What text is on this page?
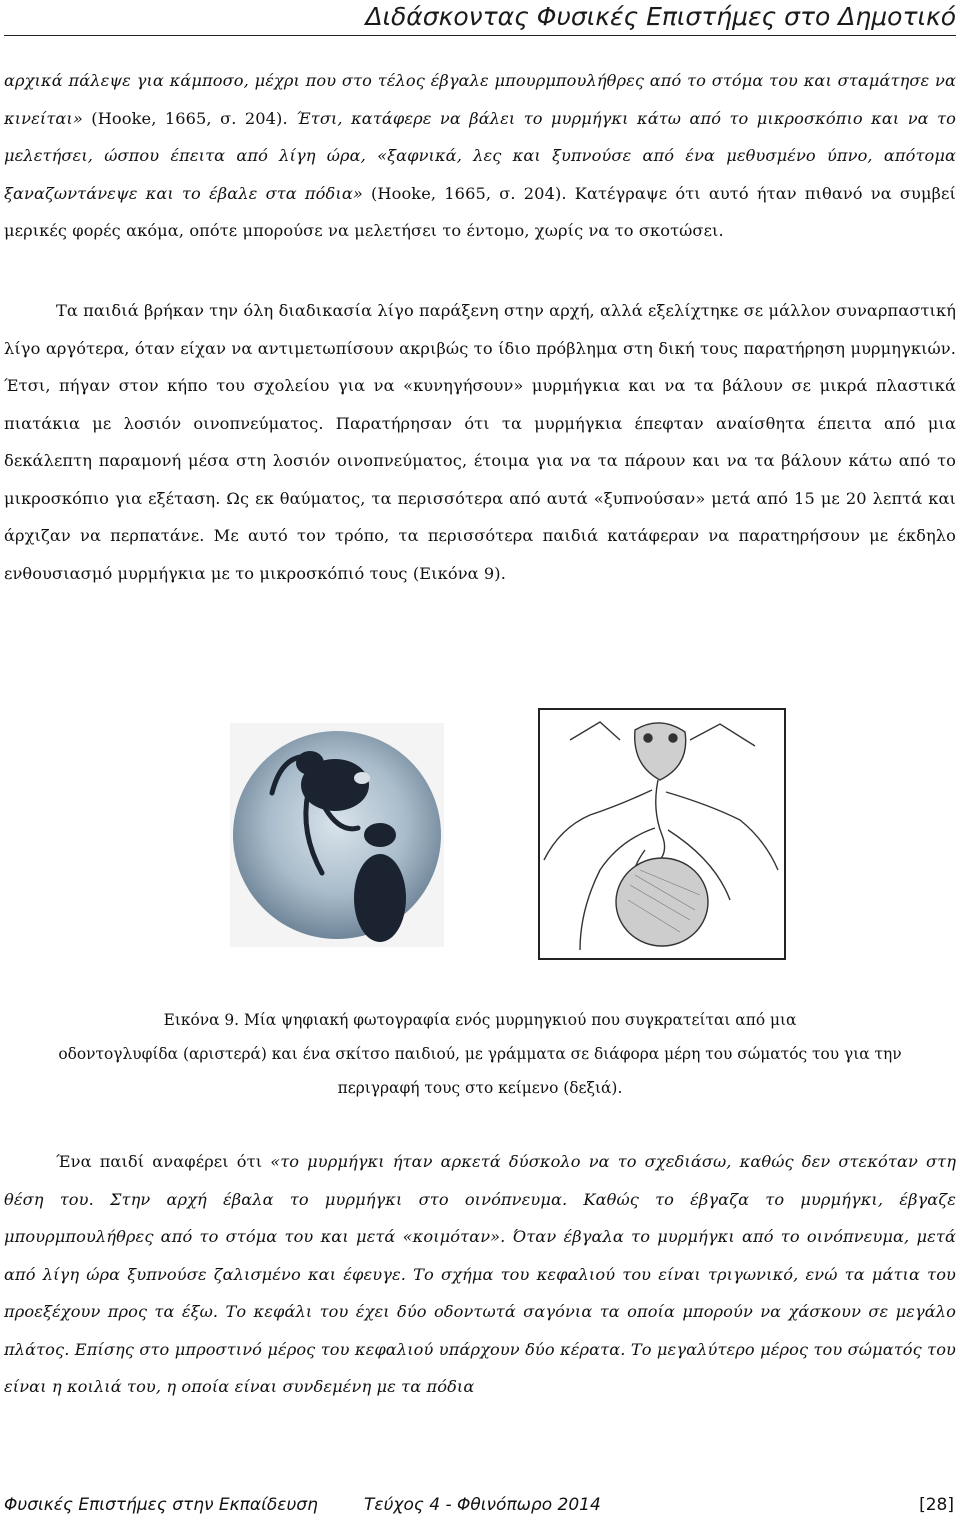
Διδάσκοντας Φυσικές Επιστήμες στο Δημοτικό

αρχικά πάλεψε για κάμποσο, μέχρι που στο τέλος έβγαλε μπουρμπουλήθρες από το στόμα του και σταμάτησε να κινείται» (Hooke, 1665, σ. 204). Έτσι, κατάφερε να βάλει το μυρμήγκι κάτω από το μικροσκόπιο και να το μελετήσει, ώσπου έπειτα από λίγη ώρα, «ξαφνικά, λες και ξυπνούσε από ένα μεθυσμένο ύπνο, απότομα ξαναζωντάνεψε και το έβαλε στα πόδια» (Hooke, 1665, σ. 204). Κατέγραψε ότι αυτό ήταν πιθανό να συμβεί μερικές φορές ακόμα, οπότε μπορούσε να μελετήσει το έντομο, χωρίς να το σκοτώσει.

Τα παιδιά βρήκαν την όλη διαδικασία λίγο παράξενη στην αρχή, αλλά εξελίχτηκε σε μάλλον συναρπαστική λίγο αργότερα, όταν είχαν να αντιμετωπίσουν ακριβώς το ίδιο πρόβλημα στη δική τους παρατήρηση μυρμηγκιών. Έτσι, πήγαν στον κήπο του σχολείου για να «κυνηγήσουν» μυρμήγκια και να τα βάλουν σε μικρά πλαστικά πιατάκια με λοσιόν οινοπνεύματος. Παρατήρησαν ότι τα μυρμήγκια έπεφταν αναίσθητα έπειτα από μια δεκάλεπτη παραμονή μέσα στη λοσιόν οινοπνεύματος, έτοιμα για να τα πάρουν και να τα βάλουν κάτω από το μικροσκόπιο για εξέταση. Ως εκ θαύματος, τα περισσότερα από αυτά «ξυπνούσαν» μετά από 15 με 20 λεπτά και άρχιζαν να περπατάνε. Με αυτό τον τρόπο, τα περισσότερα παιδιά κατάφεραν να παρατηρήσουν με έκδηλο ενθουσιασμό μυρμήγκια με το μικροσκόπιό τους (Εικόνα 9).

Εικόνα 9. Μία ψηφιακή φωτογραφία ενός μυρμηγκιού που συγκρατείται από μια
οδοντογλυφίδα (αριστερά) και ένα σκίτσο παιδιού, με γράμματα σε διάφορα μέρη του σώματός του για την
περιγραφή τους στο κείμενο (δεξιά).

Ένα παιδί αναφέρει ότι «το μυρμήγκι ήταν αρκετά δύσκολο να το σχεδιάσω, καθώς δεν στεκόταν στη θέση του. Στην αρχή έβαλα το μυρμήγκι στο οινόπνευμα. Καθώς το έβγαζα το μυρμήγκι, έβγαζε μπουρμπουλήθρες από το στόμα του και μετά «κοιμόταν». Όταν έβγαλα το μυρμήγκι από το οινόπνευμα, μετά από λίγη ώρα ξυπνούσε ζαλισμένο και έφευγε. Το σχήμα του κεφαλιού του είναι τριγωνικό, ενώ τα μάτια του προεξέχουν προς τα έξω. Το κεφάλι του έχει δύο οδοντωτά σαγόνια τα οποία μπορούν να χάσκουν σε μεγάλο πλάτος. Επίσης στο μπροστινό μέρος του κεφαλιού υπάρχουν δύο κέρατα. Το μεγαλύτερο μέρος του σώματός του είναι η κοιλιά του, η οποία είναι συνδεμένη με τα πόδια

Φυσικές Επιστήμες στην Εκπαίδευση	Τεύχος 4 - Φθινόπωρο 2014	[28]
